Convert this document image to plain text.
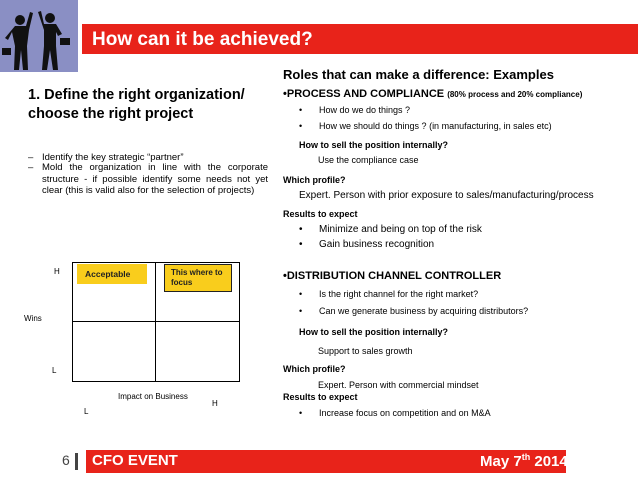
How can it be achieved?
1. Define the right organization/ choose the right project
– Identify the key strategic “partner”
– Mold the organization in line with the corporate structure - if possible identify some needs not yet clear (this is valid also for the selection of projects)
Acceptable	This where to focus
H
L
Wins
Impact on Business
L
H
Roles that can make a difference: Examples
•PROCESS AND COMPLIANCE (80% process and 20% compliance)
• How do we do things ?
• How we should do things ? (in manufacturing, in sales etc)
How to sell the position internally?
Use the compliance case
Which profile?
Expert. Person with prior exposure to sales/manufacturing/process
Results to expect
• Minimize and being on top of the risk
• Gain business recognition
•DISTRIBUTION CHANNEL CONTROLLER
• Is the right channel for the right market?
• Can we generate business by acquiring distributors?
How to sell the position internally?
Support to sales growth
Which profile?
Expert. Person with commercial mindset
Results to expect
• Increase focus on competition and on M&A
6 CFO EVENT	May 7th 2014
